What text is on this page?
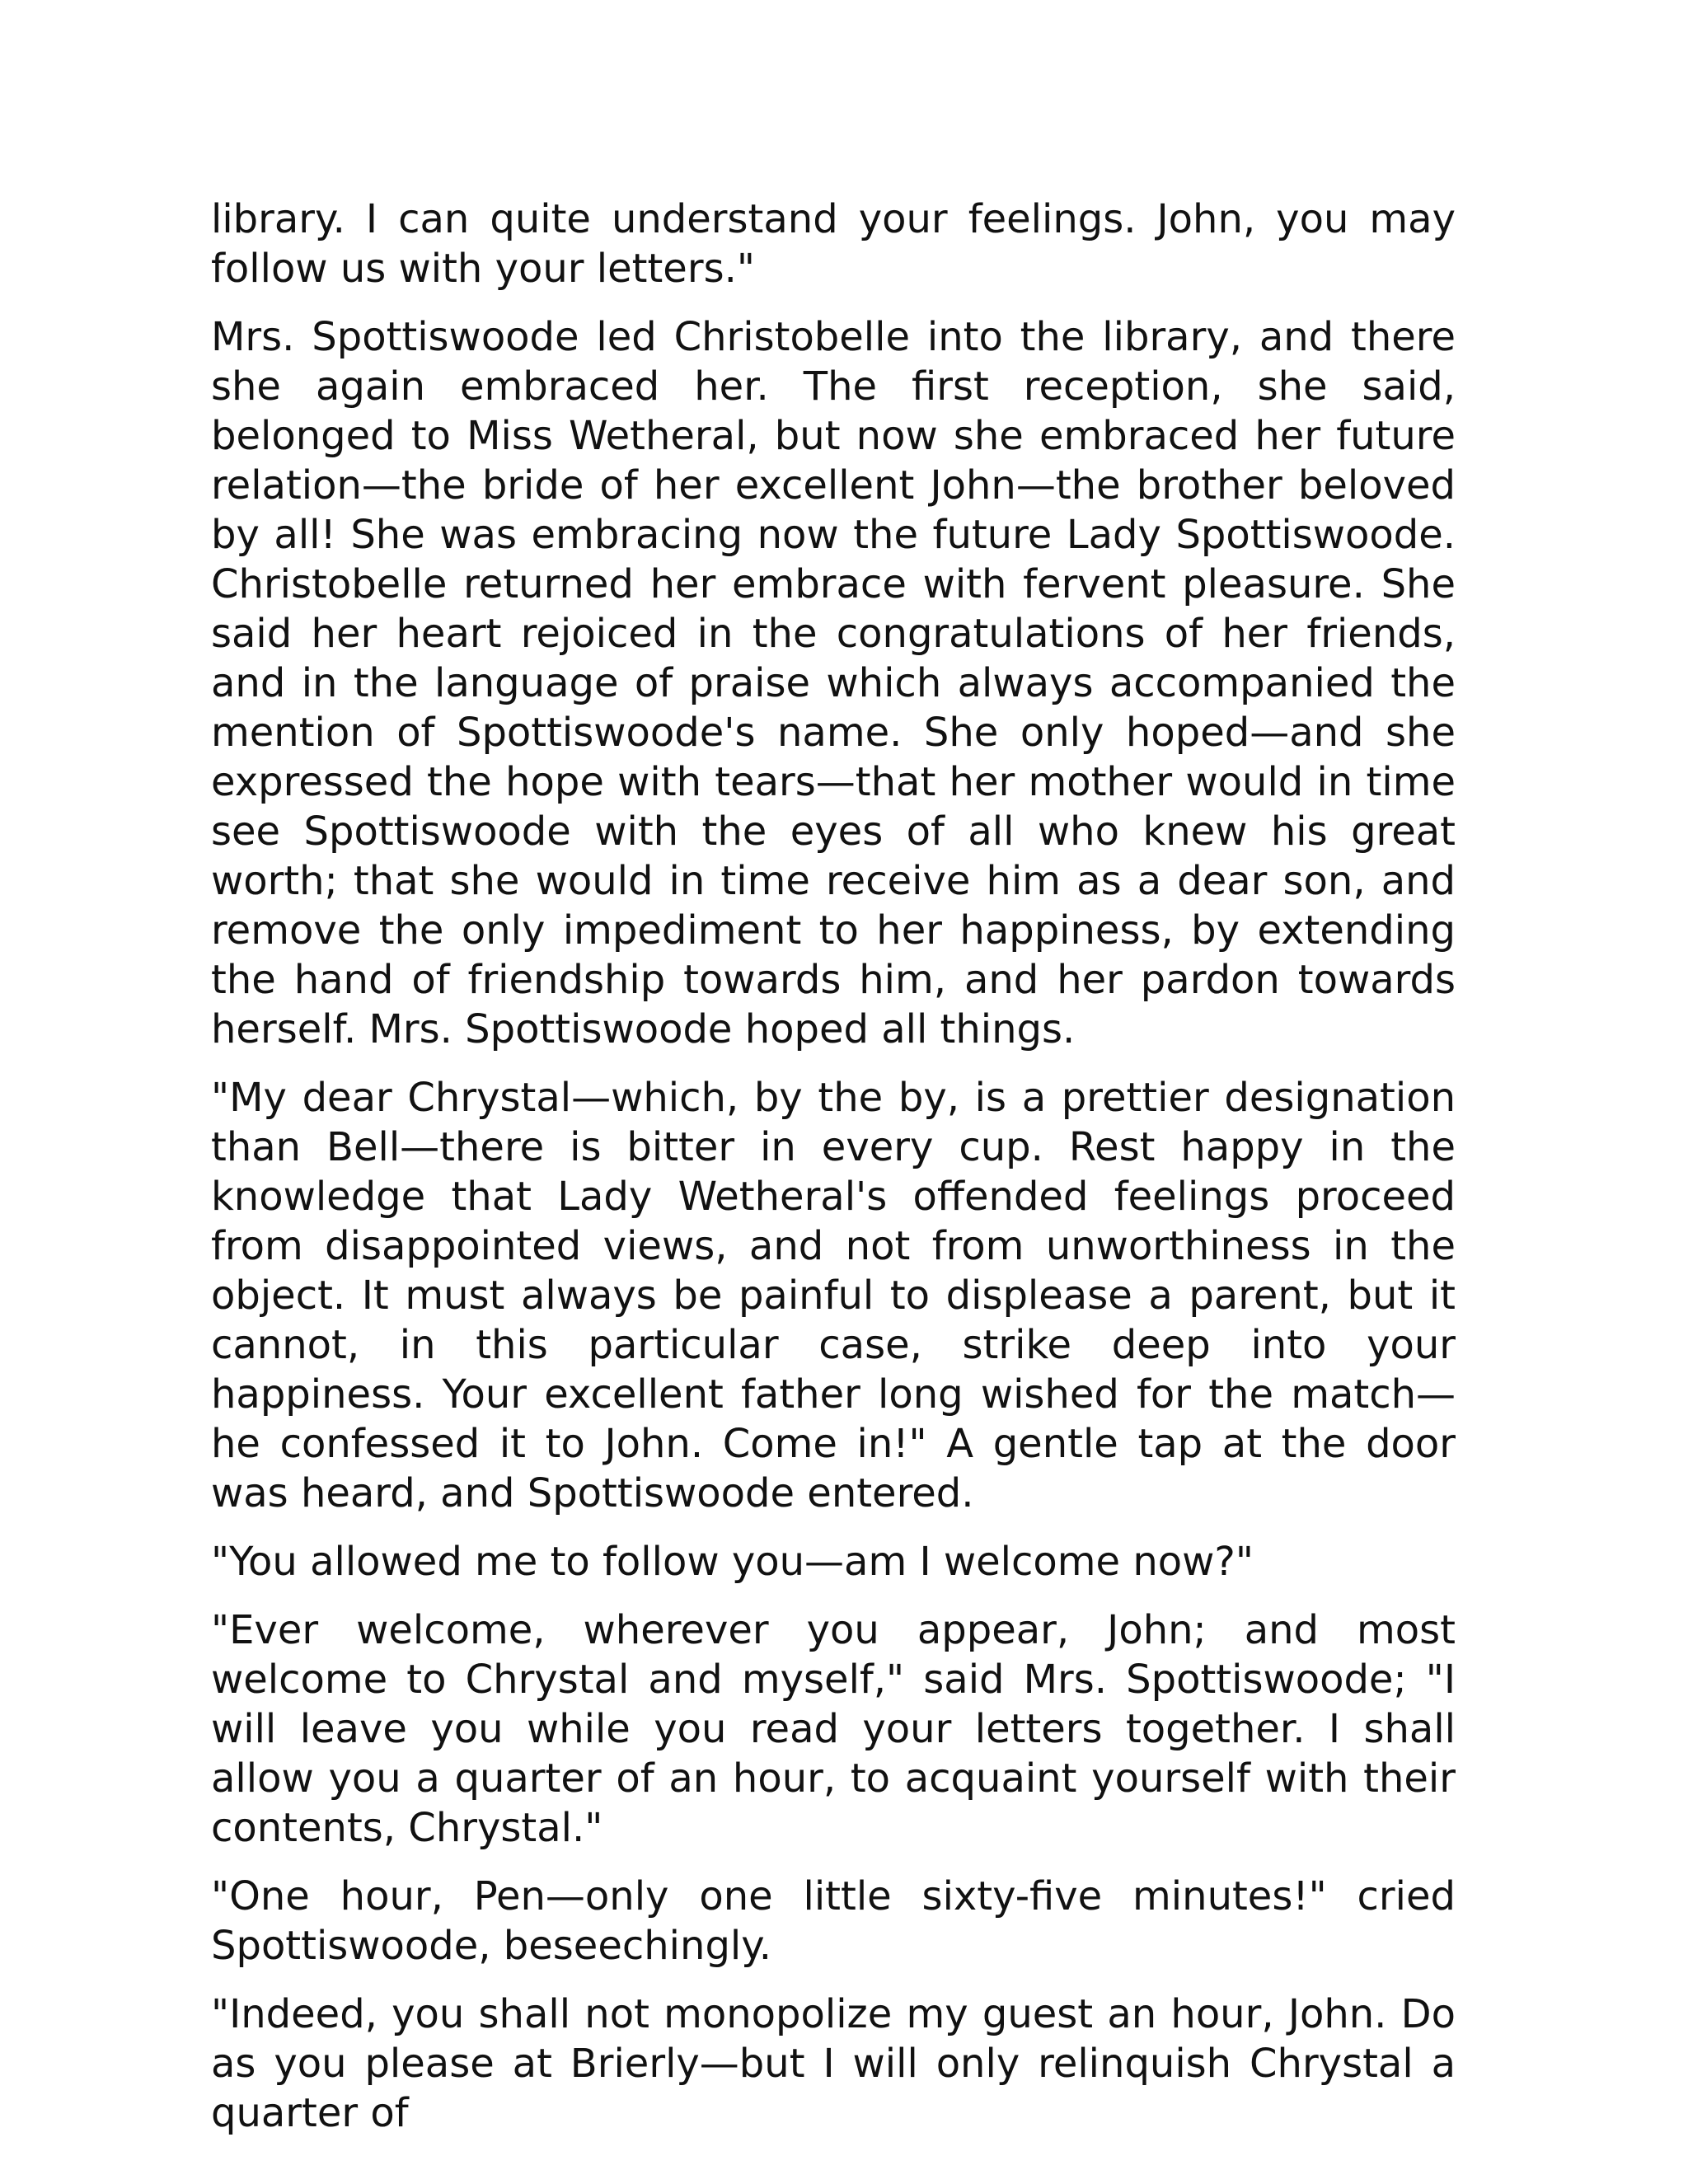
library. I can quite understand your feelings. John, you may follow us with your letters."

Mrs. Spottiswoode led Christobelle into the library, and there she again embraced her. The first reception, she said, belonged to Miss Wetheral, but now she embraced her future relation—the bride of her excellent John—the brother beloved by all! She was embracing now the future Lady Spottiswoode. Christobelle returned her embrace with fervent pleasure. She said her heart rejoiced in the congratulations of her friends, and in the language of praise which always accompanied the mention of Spottiswoode's name. She only hoped—and she expressed the hope with tears—that her mother would in time see Spottiswoode with the eyes of all who knew his great worth; that she would in time receive him as a dear son, and remove the only impediment to her happiness, by extending the hand of friendship towards him, and her pardon towards herself. Mrs. Spottiswoode hoped all things.

"My dear Chrystal—which, by the by, is a prettier designation than Bell—there is bitter in every cup. Rest happy in the knowledge that Lady Wetheral's offended feelings proceed from disappointed views, and not from unworthiness in the object. It must always be painful to displease a parent, but it cannot, in this particular case, strike deep into your happiness. Your excellent father long wished for the match—he confessed it to John. Come in!" A gentle tap at the door was heard, and Spottiswoode entered.

"You allowed me to follow you—am I welcome now?"

"Ever welcome, wherever you appear, John; and most welcome to Chrystal and myself," said Mrs. Spottiswoode; "I will leave you while you read your letters together. I shall allow you a quarter of an hour, to acquaint yourself with their contents, Chrystal."

"One hour, Pen—only one little sixty-five minutes!" cried Spottiswoode, beseechingly.

"Indeed, you shall not monopolize my guest an hour, John. Do as you please at Brierly—but I will only relinquish Chrystal a quarter of
